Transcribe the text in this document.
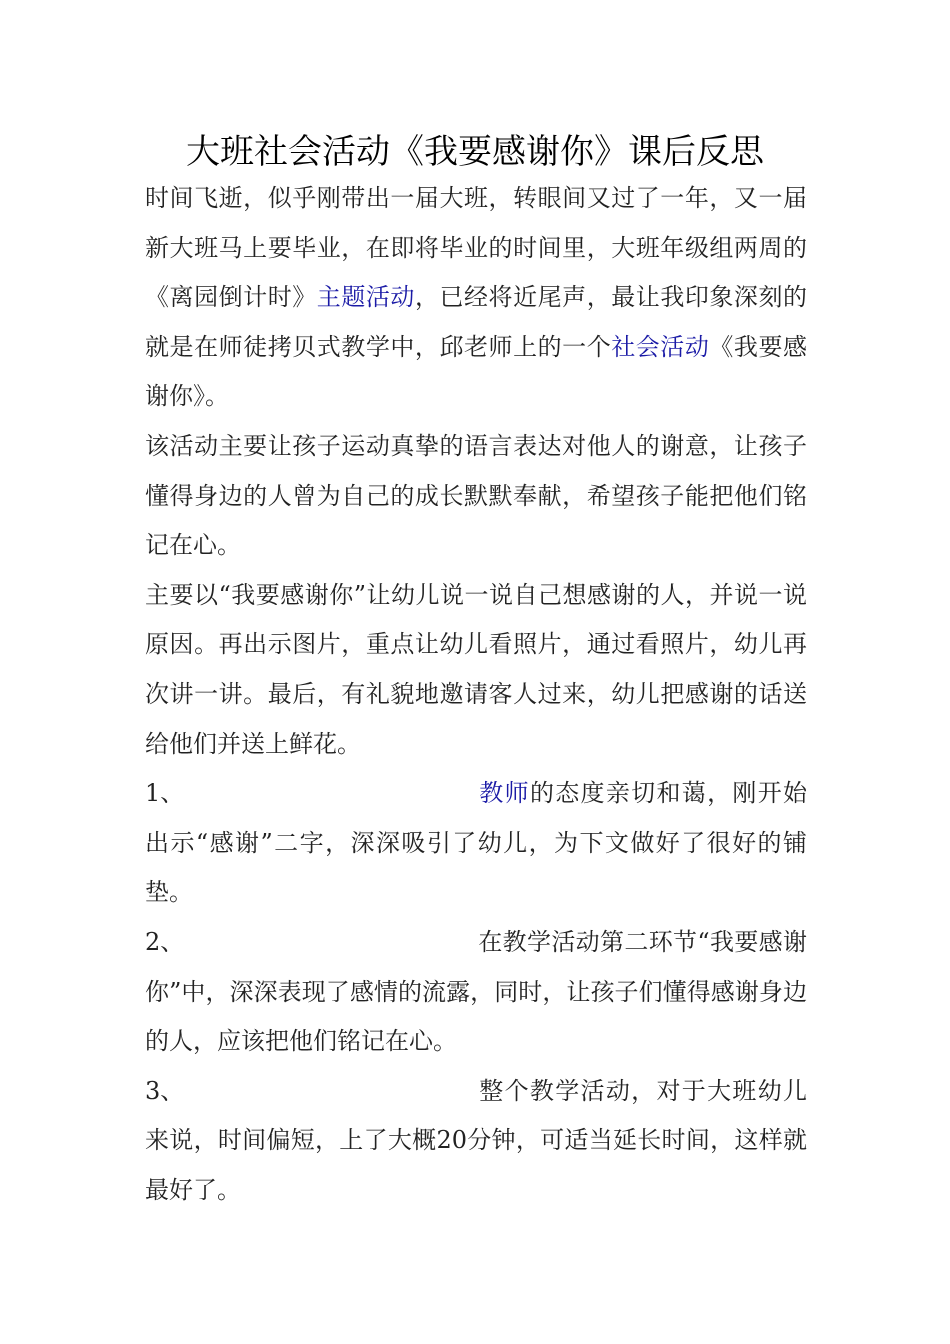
大班社会活动《我要感谢你》课后反思

时间飞逝，似乎刚带出一届大班，转眼间又过了一年，又一届新大班马上要毕业，在即将毕业的时间里，大班年级组两周的《离园倒计时》主题活动，已经将近尾声，最让我印象深刻的就是在师徒拷贝式教学中，邱老师上的一个社会活动《我要感谢你》。

该活动主要让孩子运动真挚的语言表达对他人的谢意，让孩子懂得身边的人曾为自己的成长默默奉献，希望孩子能把他们铭记在心。

主要以“我要感谢你”让幼儿说一说自己想感谢的人，并说一说原因。再出示图片，重点让幼儿看照片，通过看照片，幼儿再次讲一讲。最后，有礼貌地邀请客人过来，幼儿把感谢的话送给他们并送上鲜花。

1、	教师的态度亲切和蔼，刚开始出示“感谢”二字，深深吸引了幼儿，为下文做好了很好的铺垫。

2、	在教学活动第二环节“我要感谢你”中，深深表现了感情的流露，同时，让孩子们懂得感谢身边的人，应该把他们铭记在心。

3、	整个教学活动，对于大班幼儿来说，时间偏短，上了大概20分钟，可适当延长时间，这样就最好了。
